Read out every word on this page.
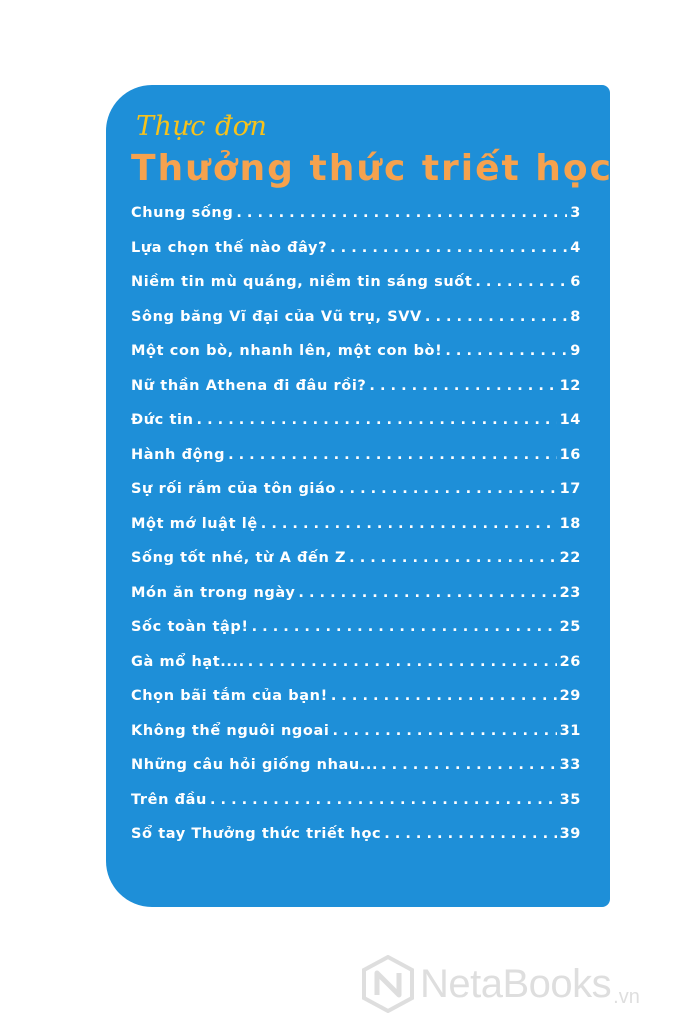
Thực đơn
Thưởng thức triết học
Chung sống . . .	3
Lựa chọn thế nào đây? . . .	4
Niềm tin mù quáng, niềm tin sáng suốt . . .	6
Sông băng Vĩ đại của Vũ trụ, SVV . . .	8
Một con bò, nhanh lên, một con bò! . . .	9
Nữ thần Athena đi đâu rồi? . . .	12
Đức tin . . .	14
Hành động . . .	16
Sự rối rắm của tôn giáo . . .	17
Một mớ luật lệ . . .	18
Sống tốt nhé, từ A đến Z . . .	22
Món ăn trong ngày . . .	23
Sốc toàn tập! . . .	25
Gà mổ hạt.... . . .	26
Chọn bãi tắm của bạn! . . .	29
Không thể nguôi ngoai . . .	31
Những câu hỏi giống nhau... . . .	33
Trên đầu . . .	35
Sổ tay Thưởng thức triết học . . .	39
NetaBooks .vn
